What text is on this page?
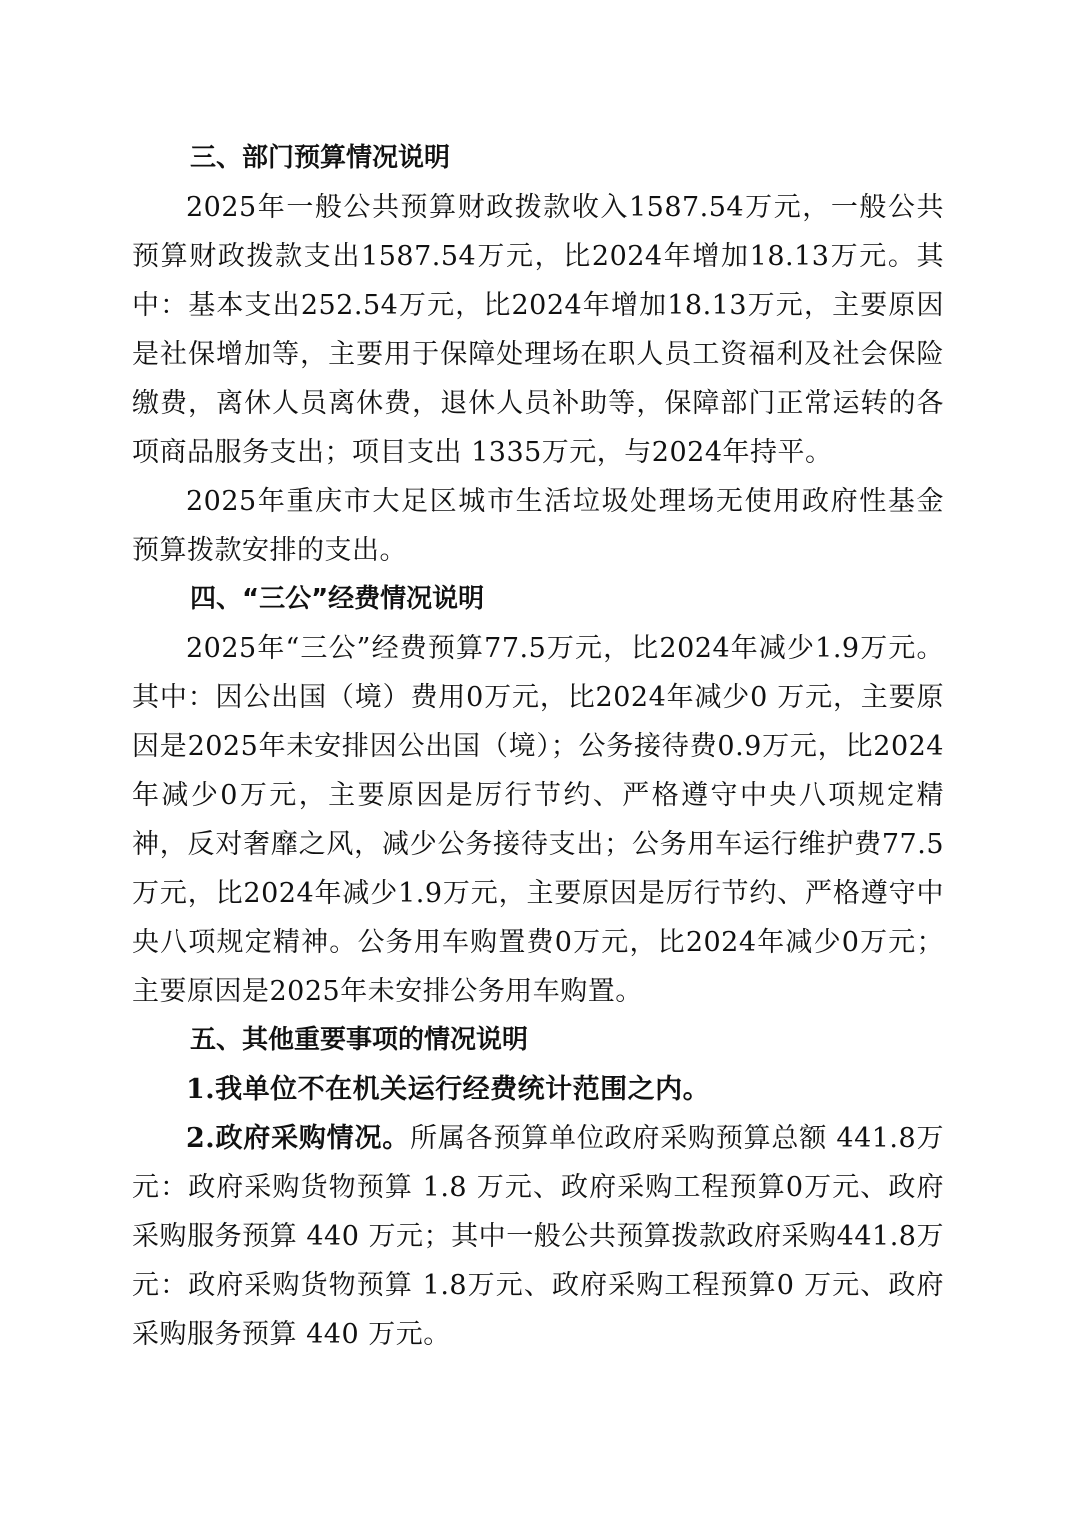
三、部门预算情况说明

2025年一般公共预算财政拨款收入1587.54万元，一般公共预算财政拨款支出1587.54万元，比2024年增加18.13万元。其中：基本支出252.54万元，比2024年增加18.13万元，主要原因是社保增加等，主要用于保障处理场在职人员工资福利及社会保险缴费，离休人员离休费，退休人员补助等，保障部门正常运转的各项商品服务支出；项目支出 1335万元，与2024年持平。

2025年重庆市大足区城市生活垃圾处理场无使用政府性基金预算拨款安排的支出。

四、“三公”经费情况说明

2025年“三公”经费预算77.5万元，比2024年减少1.9万元。其中：因公出国（境）费用0万元，比2024年减少0 万元，主要原因是2025年未安排因公出国（境）；公务接待费0.9万元，比2024年减少0万元，主要原因是厉行节约、严格遵守中央八项规定精神，反对奢靡之风，减少公务接待支出；公务用车运行维护费77.5万元，比2024年减少1.9万元，主要原因是厉行节约、严格遵守中央八项规定精神。公务用车购置费0万元，比2024年减少0万元；主要原因是2025年未安排公务用车购置。

五、其他重要事项的情况说明

1.我单位不在机关运行经费统计范围之内。

2.政府采购情况。所属各预算单位政府采购预算总额 441.8万元：政府采购货物预算 1.8 万元、政府采购工程预算0万元、政府采购服务预算 440 万元；其中一般公共预算拨款政府采购441.8万元：政府采购货物预算 1.8万元、政府采购工程预算0 万元、政府采购服务预算 440 万元。
